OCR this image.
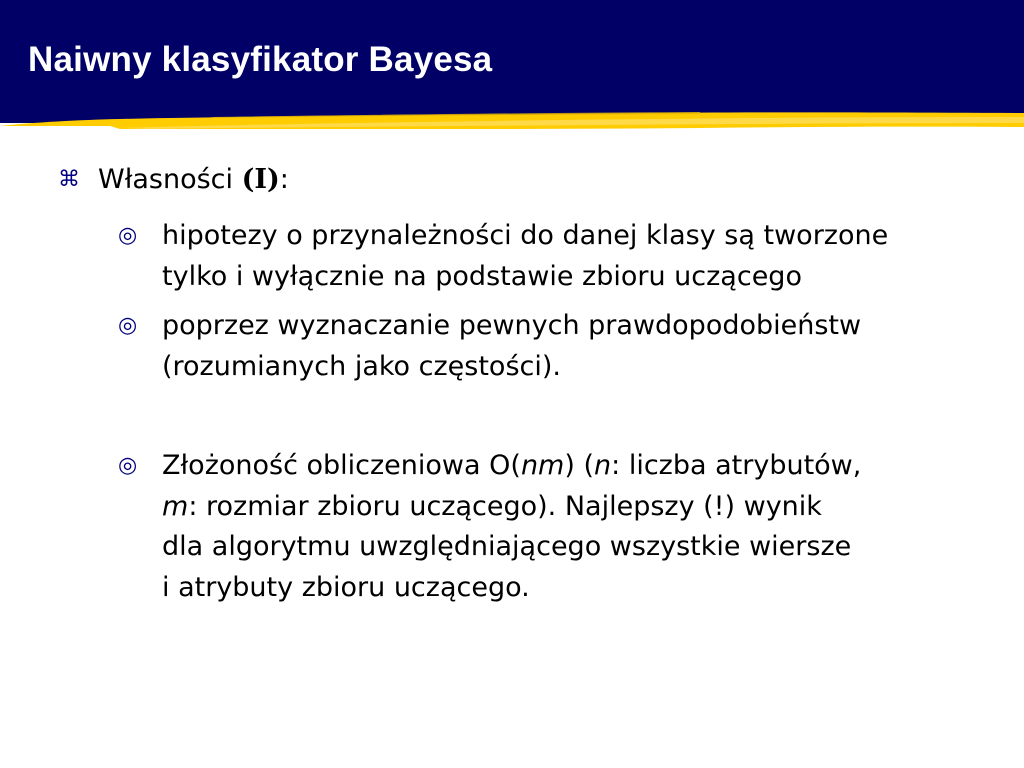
Naiwny klasyfikator Bayesa
⌘ Własności (I):
◎ hipotezy o przynależności do danej klasy są tworzone
tylko i wyłącznie na podstawie zbioru uczącego
◎ poprzez wyznaczanie pewnych prawdopodobieństw
(rozumianych jako częstości).
◎ Złożoność obliczeniowa O(nm) (n: liczba atrybutów,
m: rozmiar zbioru uczącego). Najlepszy (!) wynik
dla algorytmu uwzględniającego wszystkie wiersze
i atrybuty zbioru uczącego.
